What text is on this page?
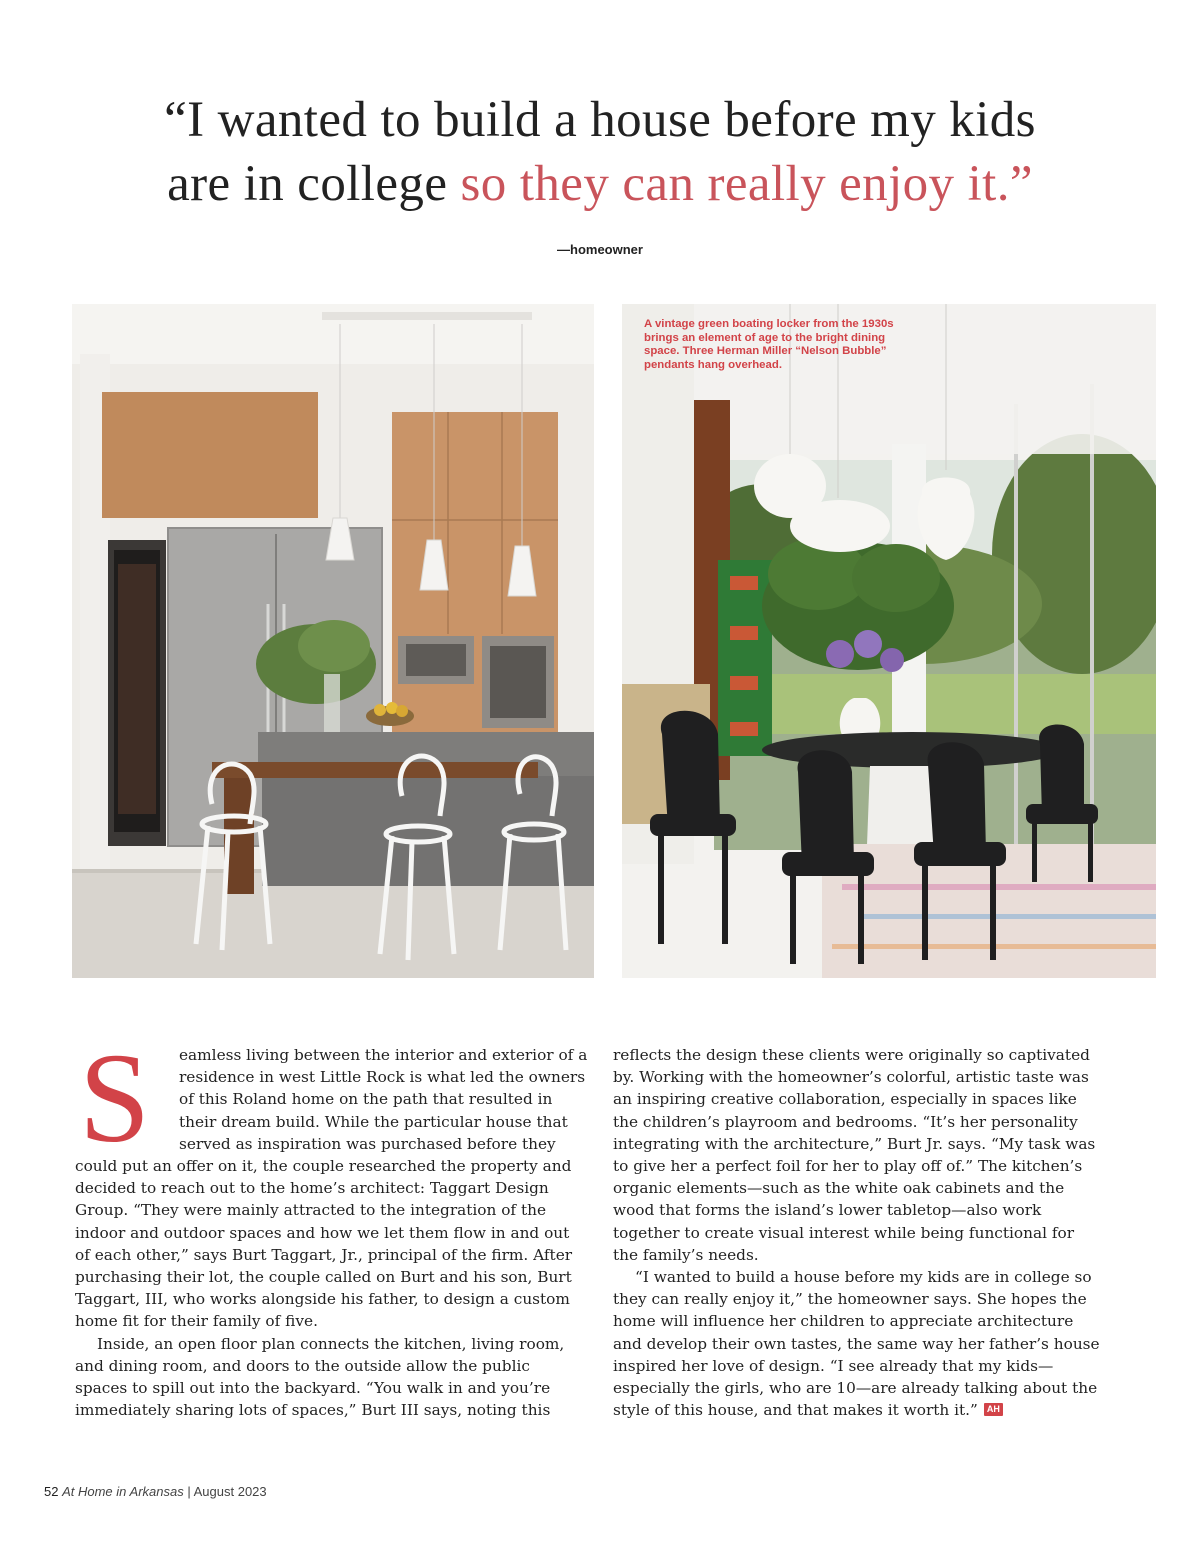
“I wanted to build a house before my kids
are in college so they can really enjoy it.”
—homeowner
A vintage green boating locker from the 1930s
brings an element of age to the bright dining
space. Three Herman Miller “Nelson Bubble”
pendants hang overhead.
S	eamless living between the interior and exterior of a
residence in west Little Rock is what led the owners
of this Roland home on the path that resulted in
their dream build. While the particular house that
served as inspiration was purchased before they
could put an offer on it, the couple researched the property and
decided to reach out to the home’s architect: Taggart Design
Group. “They were mainly attracted to the integration of the
indoor and outdoor spaces and how we let them flow in and out
of each other,” says Burt Taggart, Jr., principal of the firm. After
purchasing their lot, the couple called on Burt and his son, Burt
Taggart, III, who works alongside his father, to design a custom
home fit for their family of five.
Inside, an open floor plan connects the kitchen, living room,
and dining room, and doors to the outside allow the public
spaces to spill out into the backyard. “You walk in and you’re
immediately sharing lots of spaces,” Burt III says, noting this
reflects the design these clients were originally so captivated
by. Working with the homeowner’s colorful, artistic taste was
an inspiring creative collaboration, especially in spaces like
the children’s playroom and bedrooms. “It’s her personality
integrating with the architecture,” Burt Jr. says. “My task was
to give her a perfect foil for her to play off of.” The kitchen’s
organic elements—such as the white oak cabinets and the
wood that forms the island’s lower tabletop—also work
together to create visual interest while being functional for
the family’s needs.
“I wanted to build a house before my kids are in college so
they can really enjoy it,” the homeowner says. She hopes the
home will influence her children to appreciate architecture
and develop their own tastes, the same way her father’s house
inspired her love of design. “I see already that my kids—
especially the girls, who are 10—are already talking about the
style of this house, and that makes it worth it.” AH
52 At Home in Arkansas | August 2023
